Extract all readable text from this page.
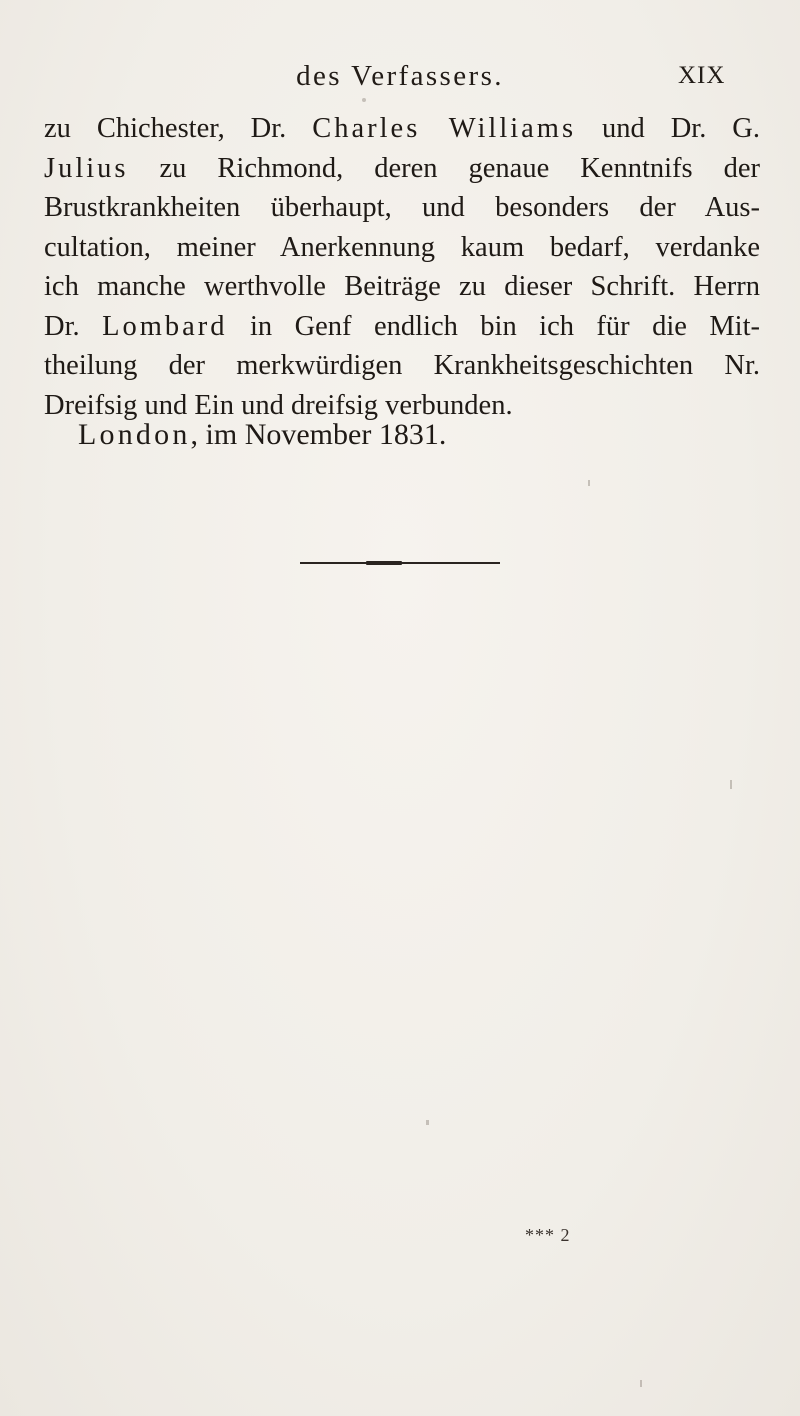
des Verfassers.	XIX
zu Chichester, Dr. Charles Williams und Dr. G.
Julius zu Richmond, deren genaue Kenntnifs der
Brustkrankheiten überhaupt, und besonders der Aus-
cultation, meiner Anerkennung kaum bedarf, verdanke
ich manche werthvolle Beiträge zu dieser Schrift. Herrn
Dr. Lombard in Genf endlich bin ich für die Mit-
theilung der merkwürdigen Krankheitsgeschichten Nr.
Dreifsig und Ein und dreifsig verbunden.
London, im November 1831.
*** 2
